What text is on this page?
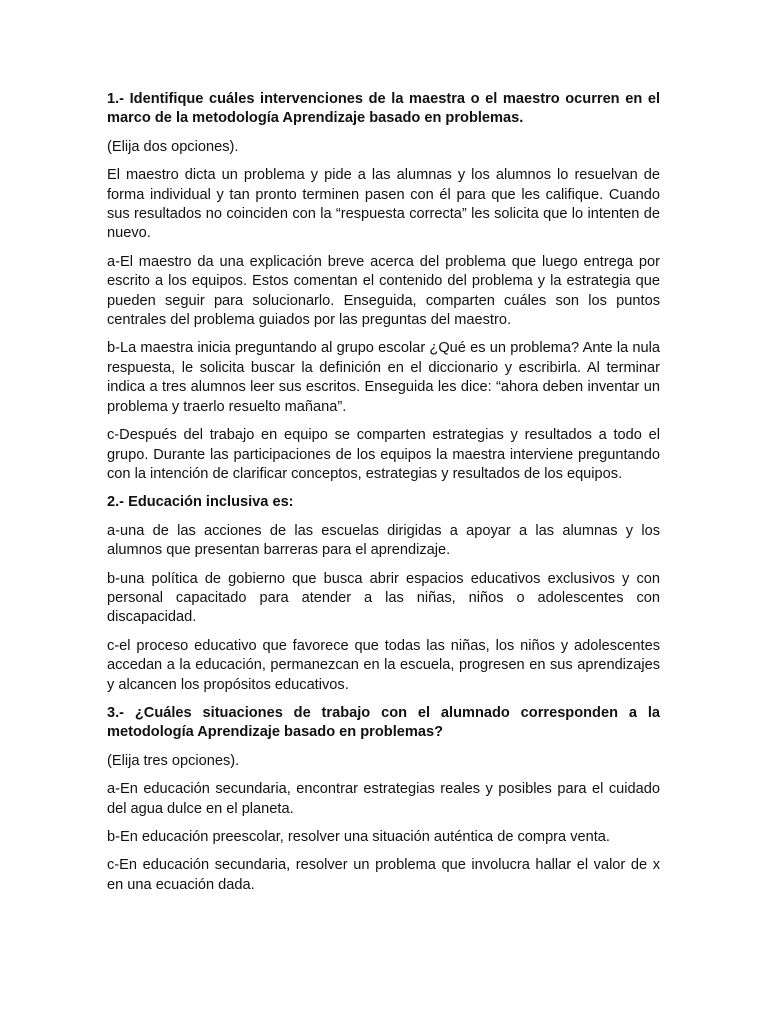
1.- Identifique cuáles intervenciones de la maestra o el maestro ocurren en el marco de la metodología Aprendizaje basado en problemas.

(Elija dos opciones).

El maestro dicta un problema y pide a las alumnas y los alumnos lo resuelvan de forma individual y tan pronto terminen pasen con él para que les califique. Cuando sus resultados no coinciden con la “respuesta correcta” les solicita que lo intenten de nuevo.

a-El maestro da una explicación breve acerca del problema que luego entrega por escrito a los equipos. Estos comentan el contenido del problema y la estrategia que pueden seguir para solucionarlo. Enseguida, comparten cuáles son los puntos centrales del problema guiados por las preguntas del maestro.

b-La maestra inicia preguntando al grupo escolar ¿Qué es un problema? Ante la nula respuesta, le solicita buscar la definición en el diccionario y escribirla. Al terminar indica a tres alumnos leer sus escritos. Enseguida les dice: “ahora deben inventar un problema y traerlo resuelto mañana”.

c-Después del trabajo en equipo se comparten estrategias y resultados a todo el grupo. Durante las participaciones de los equipos la maestra interviene preguntando con la intención de clarificar conceptos, estrategias y resultados de los equipos.

2.- Educación inclusiva es:

a-una de las acciones de las escuelas dirigidas a apoyar a las alumnas y los alumnos que presentan barreras para el aprendizaje.

b-una política de gobierno que busca abrir espacios educativos exclusivos y con personal capacitado para atender a las niñas, niños o adolescentes con discapacidad.

c-el proceso educativo que favorece que todas las niñas, los niños y adolescentes accedan a la educación, permanezcan en la escuela, progresen en sus aprendizajes y alcancen los propósitos educativos.

3.- ¿Cuáles situaciones de trabajo con el alumnado corresponden a la metodología Aprendizaje basado en problemas?

(Elija tres opciones).

a-En educación secundaria, encontrar estrategias reales y posibles para el cuidado del agua dulce en el planeta.

b-En educación preescolar, resolver una situación auténtica de compra venta.

c-En educación secundaria, resolver un problema que involucra hallar el valor de x en una ecuación dada.
